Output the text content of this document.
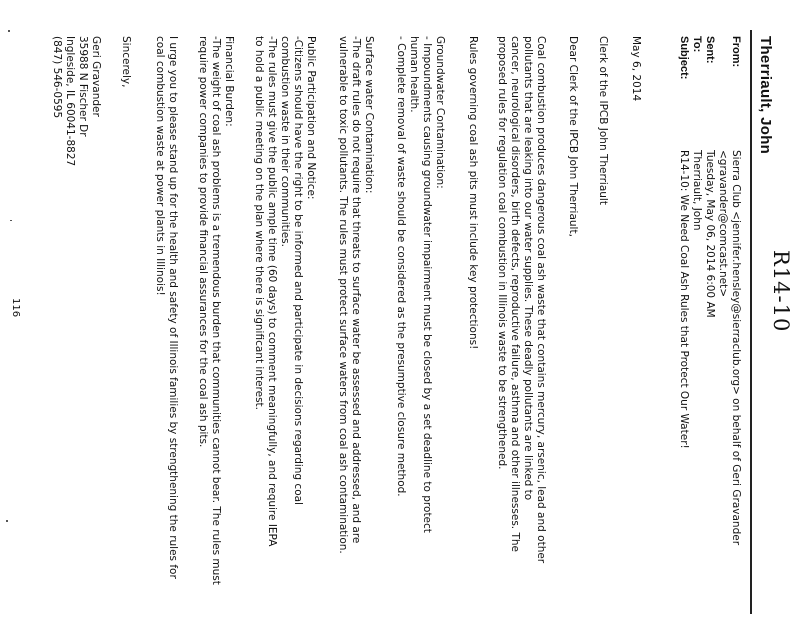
R14-10
Therriault, John
From:
Sierra Club <jennifer.hensley@sierraclub.org> on behalf of Geri Gravander
<gravander@comcast.net>
Sent:
Tuesday, May 06, 2014 6:00 AM
To:
Therriault, John
Subject:
R14-10: We Need Coal Ash Rules that Protect Our Water!
May 6, 2014
Clerk of the IPCB John Therriault
Dear Clerk of the IPCB John Therriault,
Coal combustion produces dangerous coal ash waste that contains mercury, arsenic, lead and other
pollutants that are leaking into our water supplies. These deadly pollutants are linked to
cancer, neurological disorders, birth defects, reproductive failure, asthma and other illnesses. The
proposed rules for regulation coal combustion in Illinois waste to be strengthened.
Rules governing coal ash pits must include key protections!
Groundwater Contamination:
- Impoundments causing groundwater impairment must be closed by a set deadline to protect
human health.
- Complete removal of waste should be considered as the presumptive closure method.
Surface water Contamination:
-The draft rules do not require that threats to surface water be assessed and addressed, and are
vulnerable to toxic pollutants. The rules must protect surface waters from coal ash contamination.
Public Participation and Notice:
-Citizens should have the right to be informed and participate in decisions regarding coal
combustion waste in their communities.
-The rules must give the public ample time (60 days) to comment meaningfully, and require IEPA
to hold a public meeting on the plan where there is significant interest.
Financial Burden:
-The weight of coal ash problems is a tremendous burden that communities cannot bear. The rules must
require power companies to provide financial assurances for the coal ash pits.
I urge you to please stand up for the health and safety of Illinois families by strengthening the rules for
coal combustion waste at power plants in Illinois!
Sincerely,
Geri Gravander
35988 N Fischer Dr
Ingleside, IL 60041-8827
(847) 546-0595
116
